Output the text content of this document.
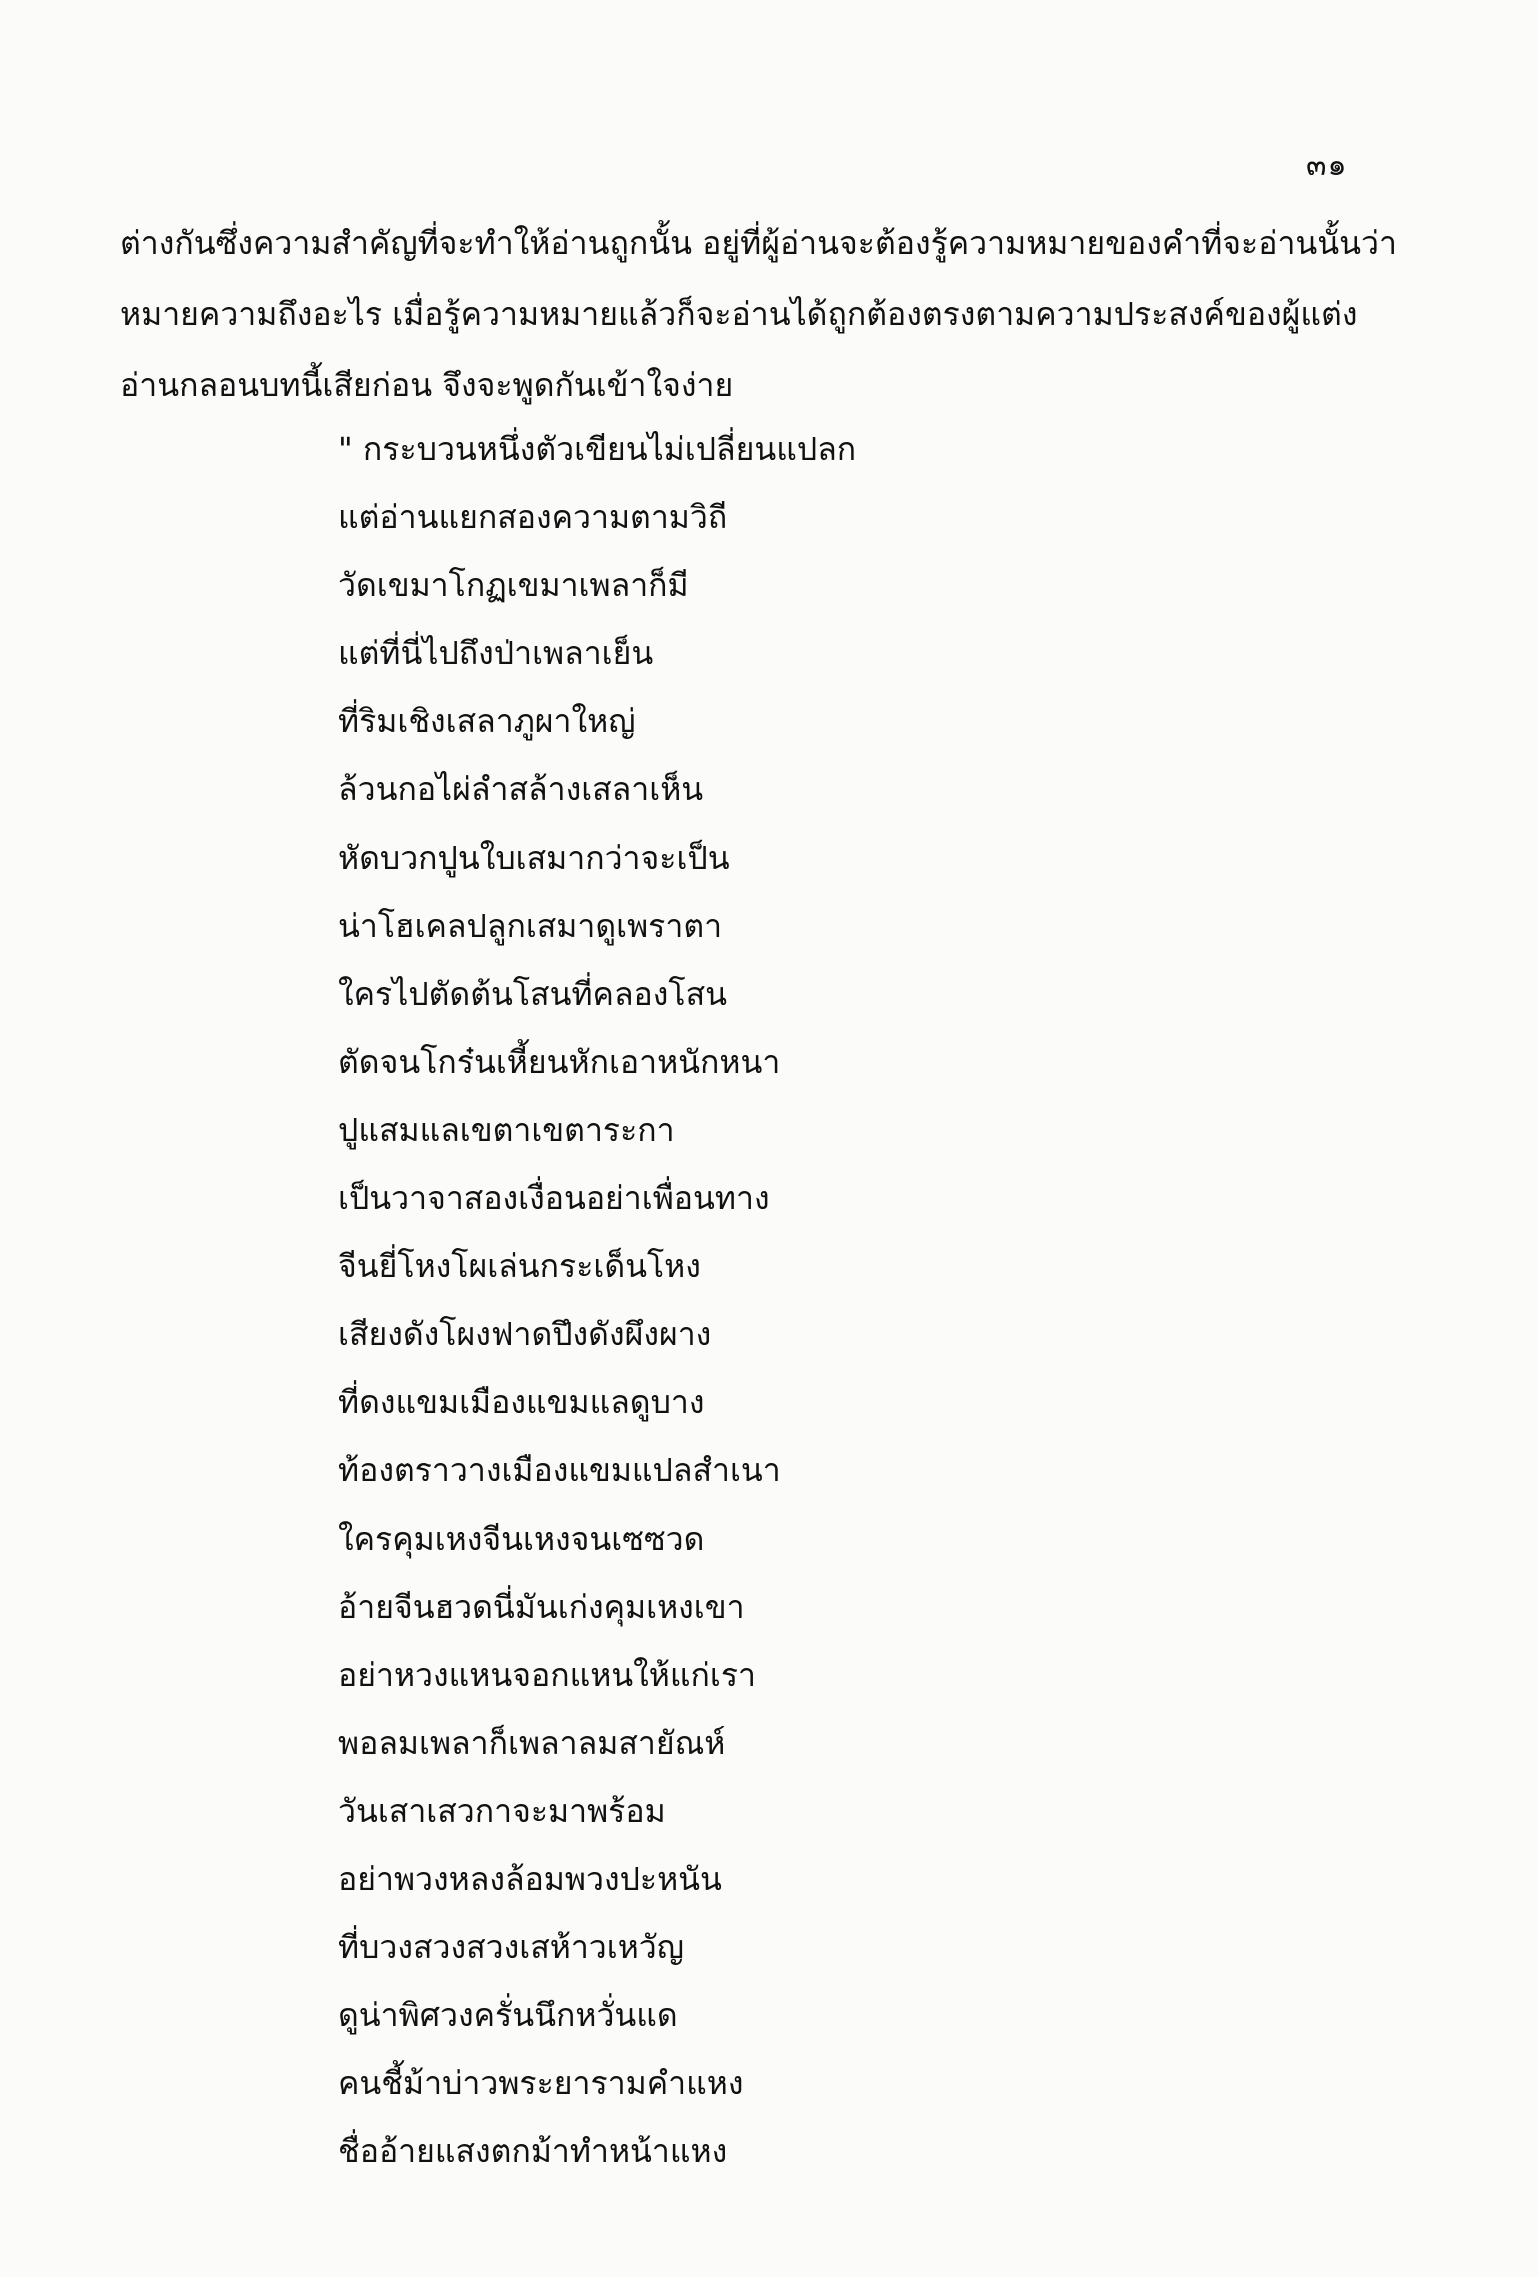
๓๑
ต่างกันซึ่งความสำคัญที่จะทำให้อ่านถูกนั้น อยู่ที่ผู้อ่านจะต้องรู้ความหมายของคำที่จะอ่านนั้นว่า
หมายความถึงอะไร เมื่อรู้ความหมายแล้วก็จะอ่านได้ถูกต้องตรงตามความประสงค์ของผู้แต่ง
อ่านกลอนบทนี้เสียก่อน จึงจะพูดกันเข้าใจง่าย
" กระบวนหนึ่งตัวเขียนไม่เปลี่ยนแปลก
แต่อ่านแยกสองความตามวิถี
วัดเขมาโกฏเขมาเพลาก็มี
แต่ที่นี่ไปถึงป่าเพลาเย็น
ที่ริมเชิงเสลาภูผาใหญ่
ล้วนกอไผ่ลำสล้างเสลาเห็น
หัดบวกปูนใบเสมากว่าจะเป็น
น่าโฮเคลปลูกเสมาดูเพราตา
ใครไปตัดต้นโสนที่คลองโสน
ตัดจนโกร๋นเหี้ยนหักเอาหนักหนา
ปูแสมแลเขตาเขตาระกา
เป็นวาจาสองเงื่อนอย่าเพื่อนทาง
จีนยี่โหงโผเล่นกระเด็นโหง
เสียงดังโผงฟาดปึงดังผึงผาง
ที่ดงแขมเมืองแขมแลดูบาง
ท้องตราวางเมืองแขมแปลสำเนา
ใครคุมเหงจีนเหงจนเซซวด
อ้ายจีนฮวดนี่มันเก่งคุมเหงเขา
อย่าหวงแหนจอกแหนให้แก่เรา
พอลมเพลาก็เพลาลมสายัณห์
วันเสาเสวกาจะมาพร้อม
อย่าพวงหลงล้อมพวงปะหนัน
ที่บวงสวงสวงเสห้าวเหวัญ
ดูน่าพิศวงครั่นนึกหวั่นแด
คนชี้ม้าบ่าวพระยารามคำแหง
ชื่ออ้ายแสงตกม้าทำหน้าแหง
